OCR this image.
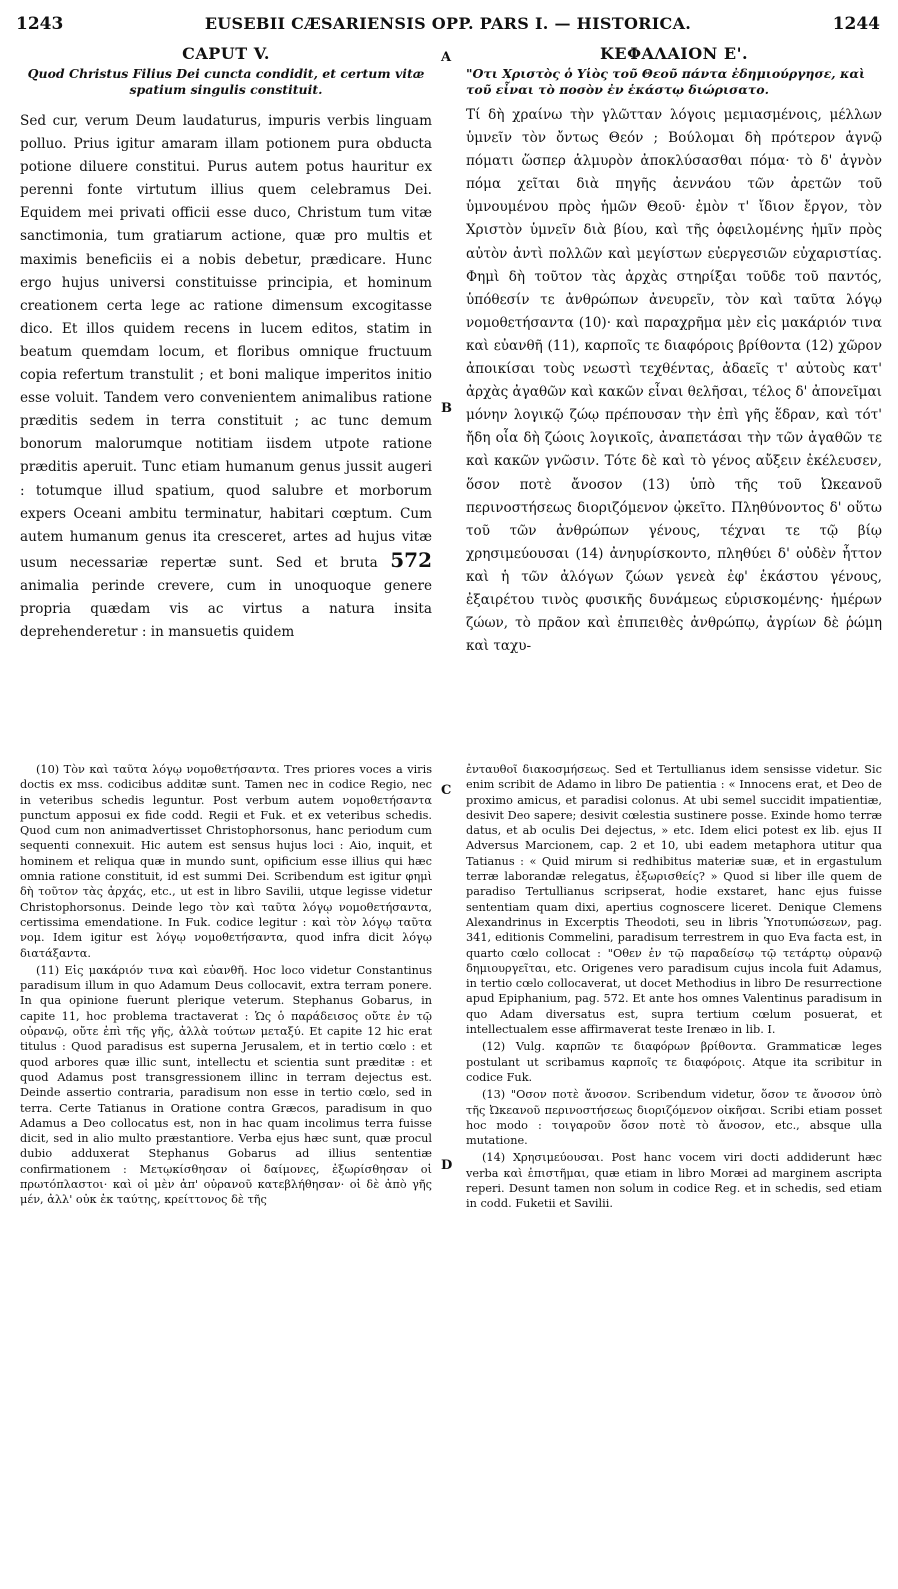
1243	EUSEBII CÆSARIENSIS OPP. PARS I. — HISTORICA.	1244
A
B
C
D
CAPUT V.
Quod Christus Filius Dei cuncta condidit, et certum vitæ spatium singulis constituit.
Sed cur, verum Deum laudaturus, impuris verbis linguam polluo. Prius igitur amaram illam potionem pura obducta potione diluere constitui. Purus autem potus hauritur ex perenni fonte virtutum illius quem celebramus Dei. Equidem mei privati officii esse duco, Christum tum vitæ sanctimonia, tum gratiarum actione, quæ pro multis et maximis beneficiis ei a nobis debetur, prædicare. Hunc ergo hujus universi constituisse principia, et hominum creationem certa lege ac ratione dimensum excogitasse dico. Et illos quidem recens in lucem editos, statim in beatum quemdam locum, et floribus omnique fructuum copia refertum transtulit ; et boni malique imperitos initio esse voluit. Tandem vero convenientem animalibus ratione præditis sedem in terra constituit ; ac tunc demum bonorum malorumque notitiam iisdem utpote ratione præditis aperuit. Tunc etiam humanum genus jussit augeri : totumque illud spatium, quod salubre et morborum expers Oceani ambitu terminatur, habitari cœptum. Cum autem humanum genus ita cresceret, artes ad hujus vitæ usum necessariæ repertæ sunt. Sed et bruta 572 animalia perinde crevere, cum in unoquoque genere propria quædam vis ac virtus a natura insita deprehenderetur : in mansuetis quidem
ΚΕΦΑΛΑΙΟΝ Ε'.
"Οτι Χριστὸς ὁ Υἱὸς τοῦ Θεοῦ πάντα ἐδημιούργησε, καὶ τοῦ εἶναι τὸ ποσὸν ἐν ἑκάστῳ διώρισατο.
Τί δὴ χραίνω τὴν γλῶτταν λόγοις μεμιασμένοις, μέλλων ὑμνεῖν τὸν ὄντως Θεόν ; Βούλομαι δὴ πρότερον ἁγνῷ πόματι ὥσπερ ἁλμυρὸν ἀποκλύσασθαι πόμα· τὸ δ' ἁγνὸν πόμα χεῖται διὰ πηγῆς ἀεννάου τῶν ἀρετῶν τοῦ ὑμνουμένου πρὸς ἡμῶν Θεοῦ· ἐμὸν τ' ἴδιον ἔργον, τὸν Χριστὸν ὑμνεῖν διὰ βίου, καὶ τῆς ὀφειλομένης ἡμῖν πρὸς αὐτὸν ἀντὶ πολλῶν καὶ μεγίστων εὐεργεσιῶν εὐχαριστίας. Φημὶ δὴ τοῦτον τὰς ἀρχὰς στηρίξαι τοῦδε τοῦ παντός, ὑπόθεσίν τε ἀνθρώπων ἀνευρεῖν, τὸν καὶ ταῦτα λόγῳ νομοθετήσαντα (10)· καὶ παραχρῆμα μὲν εἰς μακάριόν τινα καὶ εὐανθῆ (11), καρποῖς τε διαφόροις βρίθοντα (12) χῶρον ἀποικίσαι τοὺς νεωστὶ τεχθέντας, ἀδαεῖς τ' αὐτοὺς κατ' ἀρχὰς ἀγαθῶν καὶ κακῶν εἶναι θελῆσαι, τέλος δ' ἀπονεῖμαι μόνην λογικῷ ζώῳ πρέπουσαν τὴν ἐπὶ γῆς ἕδραν, καὶ τότ' ἤδη οἷα δὴ ζώοις λογικοῖς, ἀναπετάσαι τὴν τῶν ἀγαθῶν τε καὶ κακῶν γνῶσιν. Τότε δὲ καὶ τὸ γένος αὔξειν ἐκέλευσεν, ὅσον ποτὲ ἄνοσον (13) ὑπὸ τῆς τοῦ Ὠκεανοῦ περινοστήσεως διοριζόμενον ᾠκεῖτο. Πληθύνοντος δ' οὕτω τοῦ τῶν ἀνθρώπων γένους, τέχναι τε τῷ βίῳ χρησιμεύουσαι (14) ἀνηυρίσκοντο, πληθύει δ' οὐδὲν ἧττον καὶ ἡ τῶν ἀλόγων ζώων γενεὰ ἐφ' ἑκάστου γένους, ἐξαιρέτου τινὸς φυσικῆς δυνάμεως εὑρισκομένης· ἡμέρων ζώων, τὸ πρᾶον καὶ ἐπιπειθὲς ἀνθρώπῳ, ἀγρίων δὲ ῥώμη καὶ ταχυ-

(10) Τὸν καὶ ταῦτα λόγῳ νομοθετήσαντα. Tres priores voces a viris doctis ex mss. codicibus additæ sunt. Tamen nec in codice Regio, nec in veteribus schedis leguntur. Post verbum autem νομοθετήσαντα punctum apposui ex fide codd. Regii et Fuk. et ex veteribus schedis. Quod cum non animadvertisset Christophorsonus, hanc periodum cum sequenti connexuit. Hic autem est sensus hujus loci : Aio, inquit, et hominem et reliqua quæ in mundo sunt, opificium esse illius qui hæc omnia ratione constituit, id est summi Dei. Scribendum est igitur φημὶ δὴ τοῦτον τὰς ἀρχάς, etc., ut est in libro Savilii, utque legisse videtur Christophorsonus. Deinde lego τὸν καὶ ταῦτα λόγῳ νομοθετήσαντα, certissima emendatione. In Fuk. codice legitur : καὶ τὸν λόγῳ ταῦτα νομ. Idem igitur est λόγῳ νομοθετήσαντα, quod infra dicit λόγῳ διατάξαντα.

(11) Εἰς μακάριόν τινα καὶ εὐανθῆ. Hoc loco videtur Constantinus paradisum illum in quo Adamum Deus collocavit, extra terram ponere. In qua opinione fuerunt plerique veterum. Stephanus Gobarus, in capite 11, hoc problema tractaverat : Ὡς ὁ παράδεισος οὔτε ἐν τῷ οὐρανῷ, οὔτε ἐπὶ τῆς γῆς, ἀλλὰ τούτων μεταξύ. Et capite 12 hic erat titulus : Quod paradisus est superna Jerusalem, et in tertio cœlo : et quod arbores quæ illic sunt, intellectu et scientia sunt præditæ : et quod Adamus post transgressionem illinc in terram dejectus est. Deinde assertio contraria, paradisum non esse in tertio cœlo, sed in terra. Certe Tatianus in Oratione contra Græcos, paradisum in quo Adamus a Deo collocatus est, non in hac quam incolimus terra fuisse dicit, sed in alio multo præstantiore. Verba ejus hæc sunt, quæ procul dubio adduxerat Stephanus Gobarus ad illius sententiæ confirmationem : Μετῳκίσθησαν οἱ δαίμονες, ἐξωρίσθησαν οἱ πρωτόπλαστοι· καὶ οἱ μὲν ἀπ' οὐρανοῦ κατεβλήθησαν· οἱ δὲ ἀπὸ γῆς μέν, ἀλλ' οὐκ ἐκ ταύτης, κρείττονος δὲ τῆς

ἐνταυθοῖ διακοσμήσεως. Sed et Tertullianus idem sensisse videtur. Sic enim scribit de Adamo in libro De patientia : « Innocens erat, et Deo de proximo amicus, et paradisi colonus. At ubi semel succidit impatientiæ, desivit Deo sapere; desivit cœlestia sustinere posse. Exinde homo terræ datus, et ab oculis Dei dejectus, » etc. Idem elici potest ex lib. ejus II Adversus Marcionem, cap. 2 et 10, ubi eadem metaphora utitur qua Tatianus : « Quid mirum si redhibitus materiæ suæ, et in ergastulum terræ laborandæ relegatus, ἐξωρισθείς? » Quod si liber ille quem de paradiso Tertullianus scripserat, hodie exstaret, hanc ejus fuisse sententiam quam dixi, apertius cognoscere liceret. Denique Clemens Alexandrinus in Excerptis Theodoti, seu in libris Ὑποτυπώσεων, pag. 341, editionis Commelini, paradisum terrestrem in quo Eva facta est, in quarto cœlo collocat : "Οθεν ἐν τῷ παραδείσῳ τῷ τετάρτῳ οὐρανῷ δημιουργεῖται, etc. Origenes vero paradisum cujus incola fuit Adamus, in tertio cœlo collocaverat, ut docet Methodius in libro De resurrectione apud Epiphanium, pag. 572. Et ante hos omnes Valentinus paradisum in quo Adam diversatus est, supra tertium cœlum posuerat, et intellectualem esse affirmaverat teste Irenæo in lib. I.

(12) Vulg. καρπῶν τε διαφόρων βρίθοντα. Grammaticæ leges postulant ut scribamus καρποῖς τε διαφόροις. Atque ita scribitur in codice Fuk.

(13) "Οσον ποτὲ ἄνοσον. Scribendum videtur, ὅσον τε ἄνοσον ὑπὸ τῆς Ὠκεανοῦ περινοστήσεως διοριζόμενον οἰκῆσαι. Scribi etiam posset hoc modo : τοιγαροῦν ὅσον ποτὲ τὸ ἄνοσον, etc., absque ulla mutatione.

(14) Χρησιμεύουσαι. Post hanc vocem viri docti addiderunt hæc verba καὶ ἐπιστῆμαι, quæ etiam in libro Moræi ad marginem ascripta reperi. Desunt tamen non solum in codice Reg. et in schedis, sed etiam in codd. Fuketii et Savilii.
